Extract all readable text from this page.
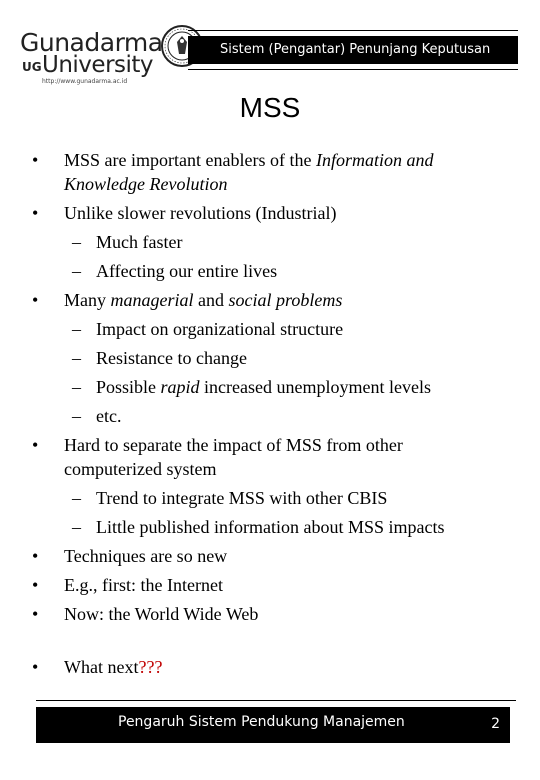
Gunadarma
UG University
http://www.gunadarma.ac.id
Sistem (Pengantar) Penunjang Keputusan
MSS
• MSS are important enablers of the Information and Knowledge Revolution
• Unlike slower revolutions (Industrial)
– Much faster
– Affecting our entire lives
• Many managerial and social problems
– Impact on organizational structure
– Resistance to change
– Possible rapid increased unemployment levels
– etc.
• Hard to separate the impact of MSS from other computerized system
– Trend to integrate MSS with other CBIS
– Little published information about MSS impacts
• Techniques are so new
• E.g., first: the Internet
• Now: the World Wide Web
• What next???
Pengaruh Sistem Pendukung Manajemen	2
